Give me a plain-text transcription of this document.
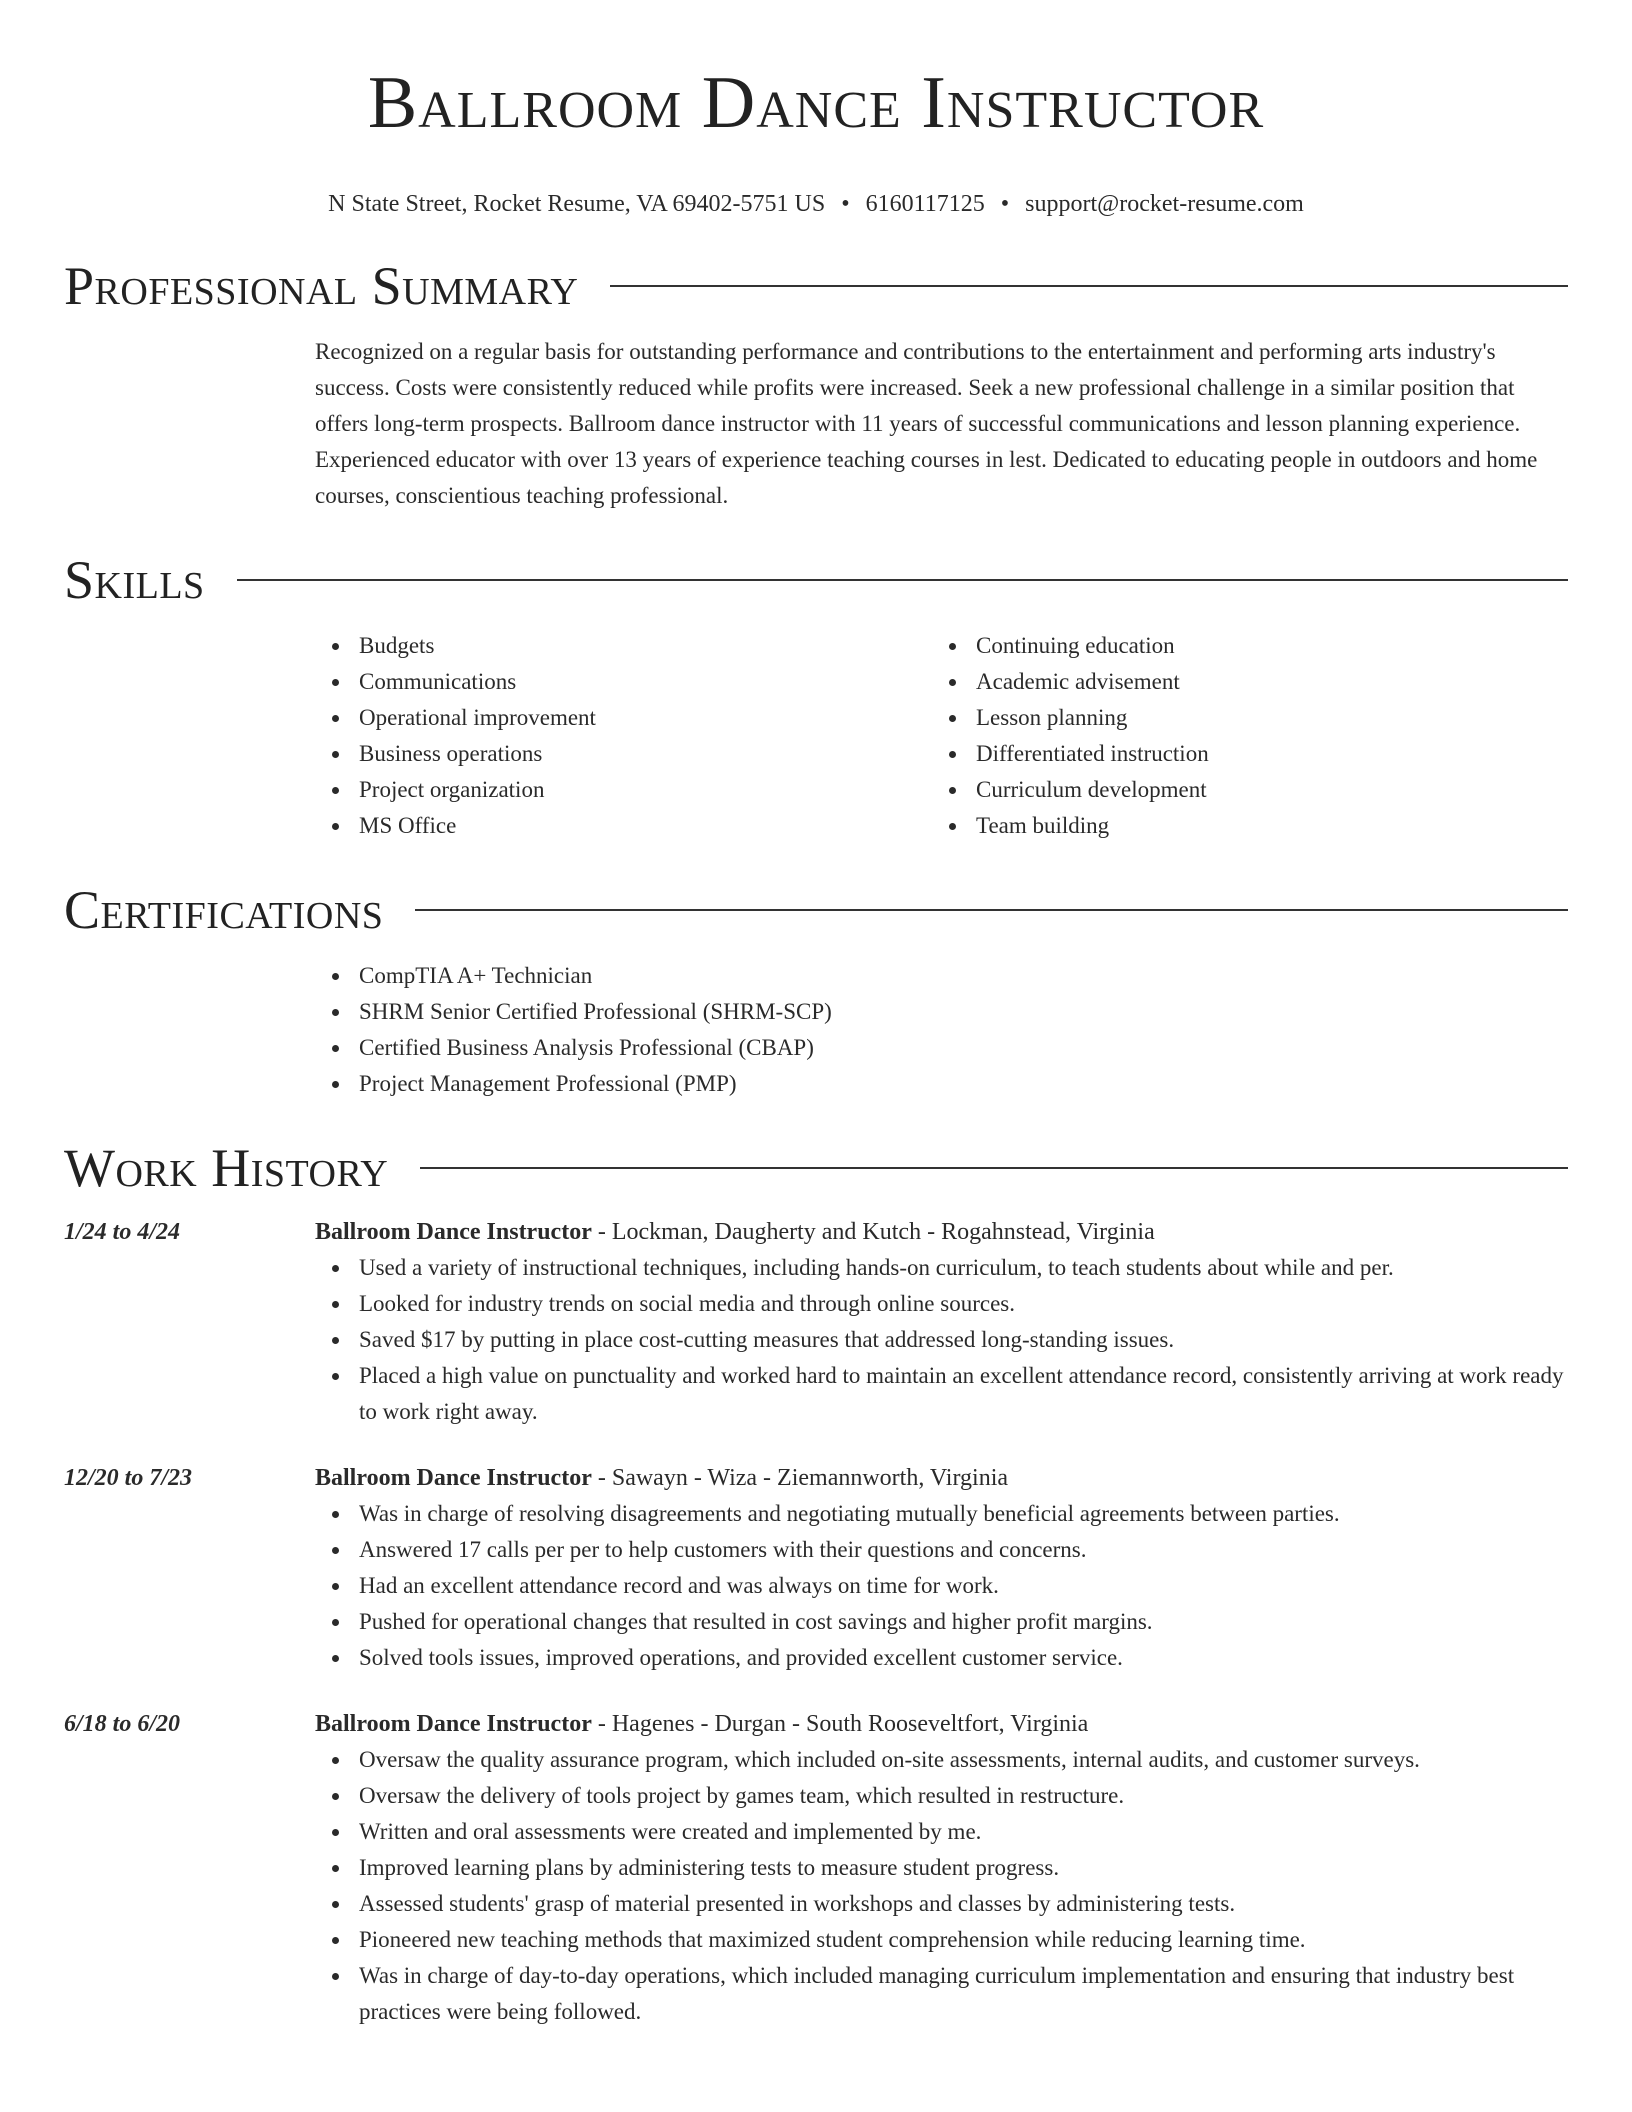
Ballroom Dance Instructor
N State Street, Rocket Resume, VA 69402-5751 US • 6160117125 • support@rocket-resume.com
Professional Summary
Recognized on a regular basis for outstanding performance and contributions to the entertainment and performing arts industry's success. Costs were consistently reduced while profits were increased. Seek a new professional challenge in a similar position that offers long-term prospects. Ballroom dance instructor with 11 years of successful communications and lesson planning experience. Experienced educator with over 13 years of experience teaching courses in lest. Dedicated to educating people in outdoors and home courses, conscientious teaching professional.
Skills
Budgets
Communications
Operational improvement
Business operations
Project organization
MS Office
Continuing education
Academic advisement
Lesson planning
Differentiated instruction
Curriculum development
Team building
Certifications
CompTIA A+ Technician
SHRM Senior Certified Professional (SHRM-SCP)
Certified Business Analysis Professional (CBAP)
Project Management Professional (PMP)
Work History
1/24 to 4/24	Ballroom Dance Instructor - Lockman, Daugherty and Kutch - Rogahnstead, Virginia
Used a variety of instructional techniques, including hands-on curriculum, to teach students about while and per.
Looked for industry trends on social media and through online sources.
Saved $17 by putting in place cost-cutting measures that addressed long-standing issues.
Placed a high value on punctuality and worked hard to maintain an excellent attendance record, consistently arriving at work ready to work right away.
12/20 to 7/23	Ballroom Dance Instructor - Sawayn - Wiza - Ziemannworth, Virginia
Was in charge of resolving disagreements and negotiating mutually beneficial agreements between parties.
Answered 17 calls per per to help customers with their questions and concerns.
Had an excellent attendance record and was always on time for work.
Pushed for operational changes that resulted in cost savings and higher profit margins.
Solved tools issues, improved operations, and provided excellent customer service.
6/18 to 6/20	Ballroom Dance Instructor - Hagenes - Durgan - South Rooseveltfort, Virginia
Oversaw the quality assurance program, which included on-site assessments, internal audits, and customer surveys.
Oversaw the delivery of tools project by games team, which resulted in restructure.
Written and oral assessments were created and implemented by me.
Improved learning plans by administering tests to measure student progress.
Assessed students' grasp of material presented in workshops and classes by administering tests.
Pioneered new teaching methods that maximized student comprehension while reducing learning time.
Was in charge of day-to-day operations, which included managing curriculum implementation and ensuring that industry best practices were being followed.
